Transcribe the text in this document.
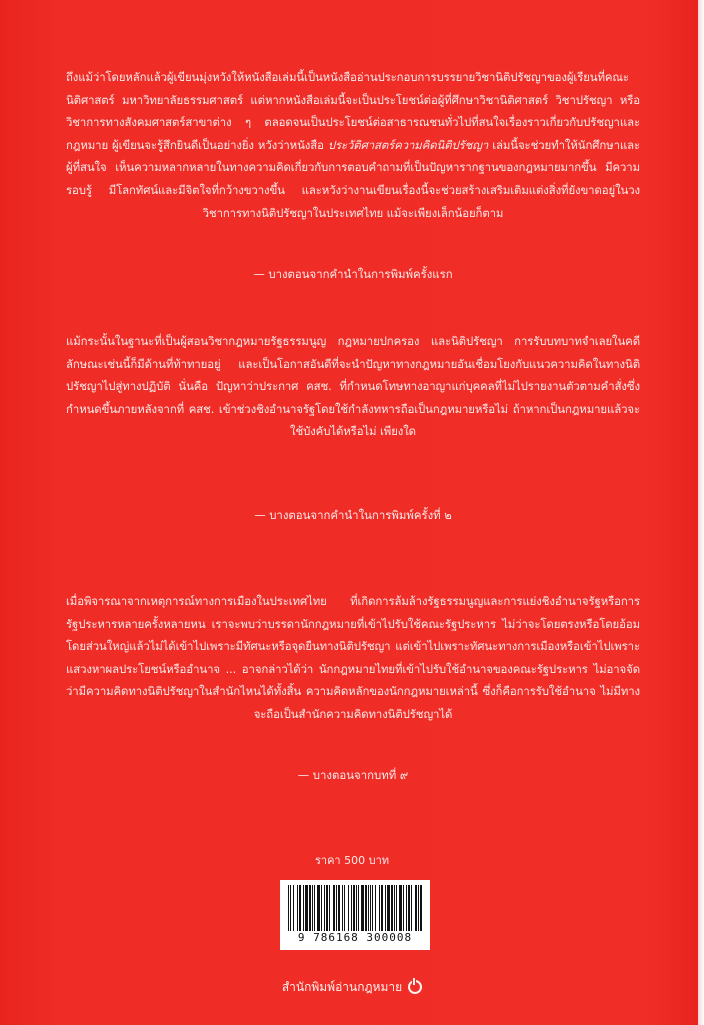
ถึงแม้ว่าโดยหลักแล้วผู้เขียนมุ่งหวังให้หนังสือเล่มนี้เป็นหนังสืออ่านประกอบการบรรยายวิชานิติปรัชญาของผู้เรียนที่คณะนิติศาสตร์ มหาวิทยาลัยธรรมศาสตร์ แต่หากหนังสือเล่มนี้จะเป็นประโยชน์ต่อผู้ที่ศึกษาวิชานิติศาสตร์ วิชาปรัชญา หรือวิชาการทางสังคมศาสตร์สาขาต่าง ๆ ตลอดจนเป็นประโยชน์ต่อสาธารณชนทั่วไปที่สนใจเรื่องราวเกี่ยวกับปรัชญาและกฎหมาย ผู้เขียนจะรู้สึกยินดีเป็นอย่างยิ่ง หวังว่าหนังสือ ประวัติศาสตร์ความคิดนิติปรัชญา เล่มนี้จะช่วยทำให้นักศึกษาและผู้ที่สนใจ เห็นความหลากหลายในทางความคิดเกี่ยวกับการตอบคำถามที่เป็นปัญหารากฐานของกฎหมายมากขึ้น มีความรอบรู้ มีโลกทัศน์และมีจิตใจที่กว้างขวางขึ้น และหวังว่างานเขียนเรื่องนี้จะช่วยสร้างเสริมเติมแต่งสิ่งที่ยังขาดอยู่ในวงวิชาการทางนิติปรัชญาในประเทศไทย แม้จะเพียงเล็กน้อยก็ตาม
— บางตอนจากคำนำในการพิมพ์ครั้งแรก
แม้กระนั้นในฐานะที่เป็นผู้สอนวิชากฎหมายรัฐธรรมนูญ กฎหมายปกครอง และนิติปรัชญา การรับบทบาทจำเลยในคดีลักษณะเช่นนี้ก็มีด้านที่ท้าทายอยู่ และเป็นโอกาสอันดีที่จะนำปัญหาทางกฎหมายอันเชื่อมโยงกับแนวความคิดในทางนิติปรัชญาไปสู่ทางปฏิบัติ นั่นคือ ปัญหาว่าประกาศ คสช. ที่กำหนดโทษทางอาญาแก่บุคคลที่ไม่ไปรายงานตัวตามคำสั่งซึ่งกำหนดขึ้นภายหลังจากที่ คสช. เข้าช่วงชิงอำนาจรัฐโดยใช้กำลังทหารถือเป็นกฎหมายหรือไม่ ถ้าหากเป็นกฎหมายแล้วจะใช้บังคับได้หรือไม่ เพียงใด
— บางตอนจากคำนำในการพิมพ์ครั้งที่ ๒
เมื่อพิจารณาจากเหตุการณ์ทางการเมืองในประเทศไทย ที่เกิดการล้มล้างรัฐธรรมนูญและการแย่งชิงอำนาจรัฐหรือการรัฐประหารหลายครั้งหลายหน เราจะพบว่าบรรดานักกฎหมายที่เข้าไปรับใช้คณะรัฐประหาร ไม่ว่าจะโดยตรงหรือโดยอ้อม โดยส่วนใหญ่แล้วไม่ได้เข้าไปเพราะมีทัศนะหรือจุดยืนทางนิติปรัชญา แต่เข้าไปเพราะทัศนะทางการเมืองหรือเข้าไปเพราะแสวงหาผลประโยชน์หรืออำนาจ ... อาจกล่าวได้ว่า นักกฎหมายไทยที่เข้าไปรับใช้อำนาจของคณะรัฐประหาร ไม่อาจจัดว่ามีความคิดทางนิติปรัชญาในสำนักไหนได้ทั้งสิ้น ความคิดหลักของนักกฎหมายเหล่านี้ ซึ่งก็คือการรับใช้อำนาจ ไม่มีทางจะถือเป็นสำนักความคิดทางนิติปรัชญาได้
— บางตอนจากบทที่ ๙
ราคา 500 บาท
9 786168 300008
สำนักพิมพ์อ่านกฎหมาย
